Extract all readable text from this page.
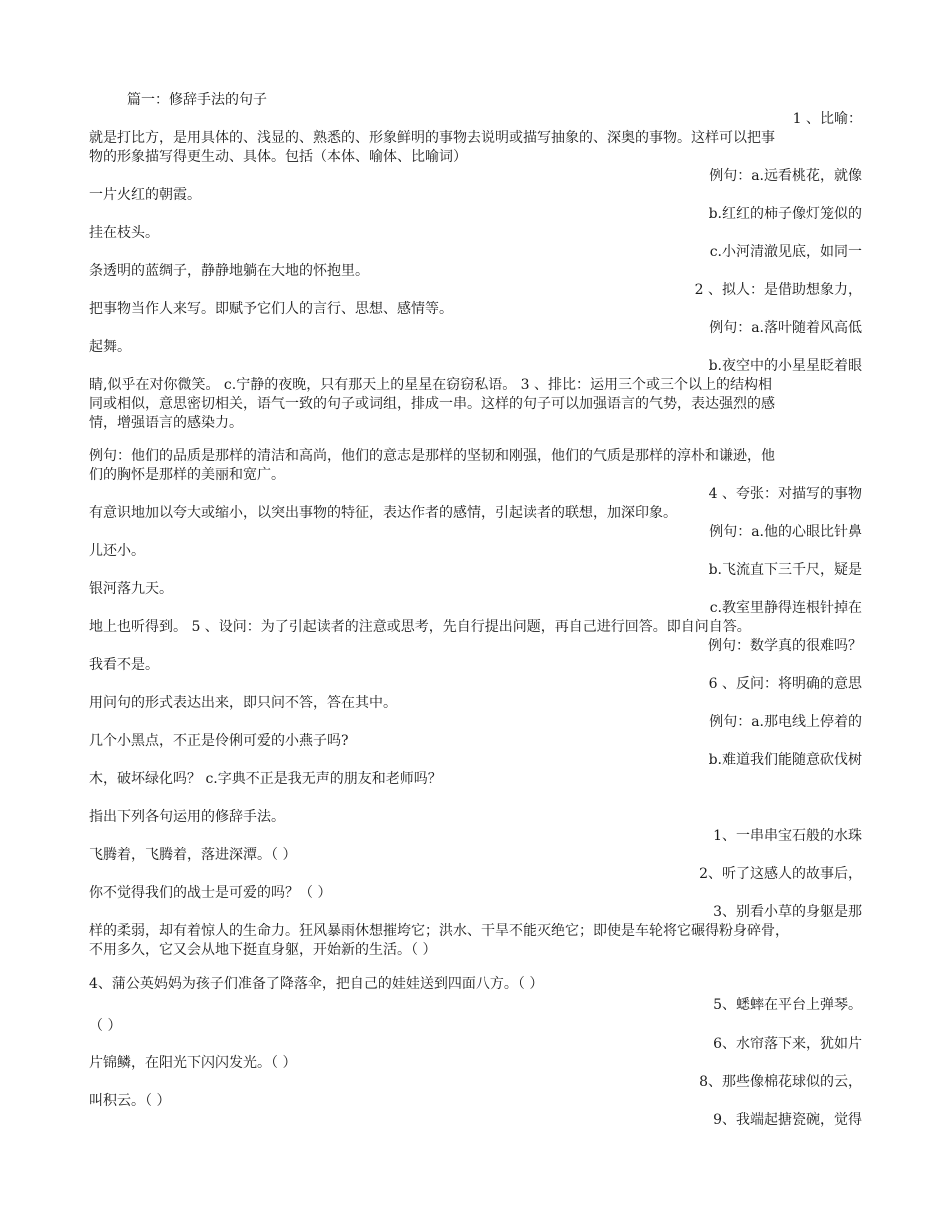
篇一：修辞手法的句子
1 、比喻：
就是打比方，是用具体的、浅显的、熟悉的、形象鲜明的事物去说明或描写抽象的、深奥的事物。这样可以把事
物的形象描写得更生动、具体。包括（本体、喻体、比喻词）
例句：a.远看桃花，就像
一片火红的朝霞。
b.红红的柿子像灯笼似的
挂在枝头。
c.小河清澈见底，如同一
条透明的蓝绸子，静静地躺在大地的怀抱里。
2 、拟人：是借助想象力，
把事物当作人来写。即赋予它们人的言行、思想、感情等。
例句：a.落叶随着风高低
起舞。
b.夜空中的小星星眨着眼
睛,似乎在对你微笑。 c.宁静的夜晚，只有那天上的星星在窃窃私语。 3 、排比：运用三个或三个以上的结构相
同或相似，意思密切相关，语气一致的句子或词组，排成一串。这样的句子可以加强语言的气势，表达强烈的感
情，增强语言的感染力。
例句：他们的品质是那样的清洁和高尚，他们的意志是那样的坚韧和刚强，他们的气质是那样的淳朴和谦逊，他
们的胸怀是那样的美丽和宽广。
4 、夸张：对描写的事物
有意识地加以夸大或缩小，以突出事物的特征，表达作者的感情，引起读者的联想，加深印象。
例句：a.他的心眼比针鼻
儿还小。
b.飞流直下三千尺，疑是
银河落九天。
c.教室里静得连根针掉在
地上也听得到。 5 、设问：为了引起读者的注意或思考，先自行提出问题，再自己进行回答。即自问自答。
例句：数学真的很难吗？
我看不是。
6 、反问：将明确的意思
用问句的形式表达出来，即只问不答，答在其中。
例句：a.那电线上停着的
几个小黑点，不正是伶俐可爱的小燕子吗?
b.难道我们能随意砍伐树
木，破坏绿化吗？ c.字典不正是我无声的朋友和老师吗？
指出下列各句运用的修辞手法。
1、一串串宝石般的水珠
飞腾着，飞腾着，落进深潭。（ ）
2、听了这感人的故事后，
你不觉得我们的战士是可爱的吗？（ ）
3、别看小草的身躯是那
样的柔弱，却有着惊人的生命力。狂风暴雨休想摧垮它；洪水、干旱不能灭绝它；即使是车轮将它碾得粉身碎骨，
不用多久，它又会从地下挺直身躯，开始新的生活。（ ）
4、蒲公英妈妈为孩子们准备了降落伞，把自己的娃娃送到四面八方。（ ）
5、蟋蟀在平台上弹琴。
（ ）
6、水帘落下来，犹如片
片锦鳞，在阳光下闪闪发光。（ ）
8、那些像棉花球似的云，
叫积云。（ ）
9、我端起搪瓷碗，觉得
